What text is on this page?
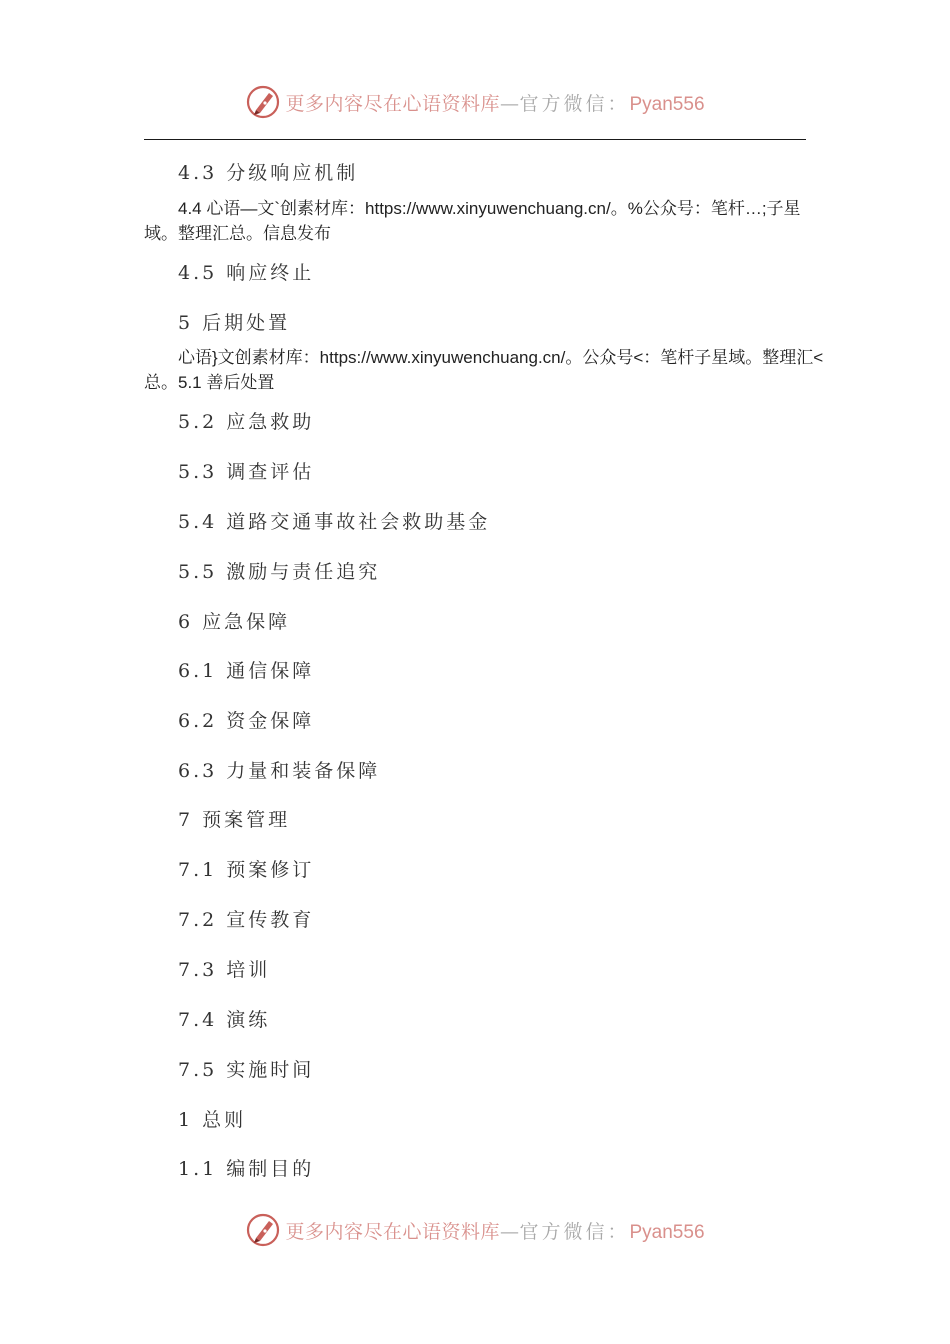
更多内容尽在心语资料库—官方微信：Pyan556
4.3 分级响应机制
4.4 心语—文`创素材库：https://www.xinyuwenchuang.cn/。%公众号：笔杆…;子星域。整理汇总。信息发布
4.5 响应终止
5 后期处置
心语}文创素材库：https://www.xinyuwenchuang.cn/。公众号<：笔杆子星域。整理汇<总。5.1 善后处置
5.2 应急救助
5.3 调查评估
5.4 道路交通事故社会救助基金
5.5 激励与责任追究
6 应急保障
6.1 通信保障
6.2 资金保障
6.3 力量和装备保障
7 预案管理
7.1 预案修订
7.2 宣传教育
7.3 培训
7.4 演练
7.5 实施时间
1 总则
1.1 编制目的
更多内容尽在心语资料库—官方微信：Pyan556
